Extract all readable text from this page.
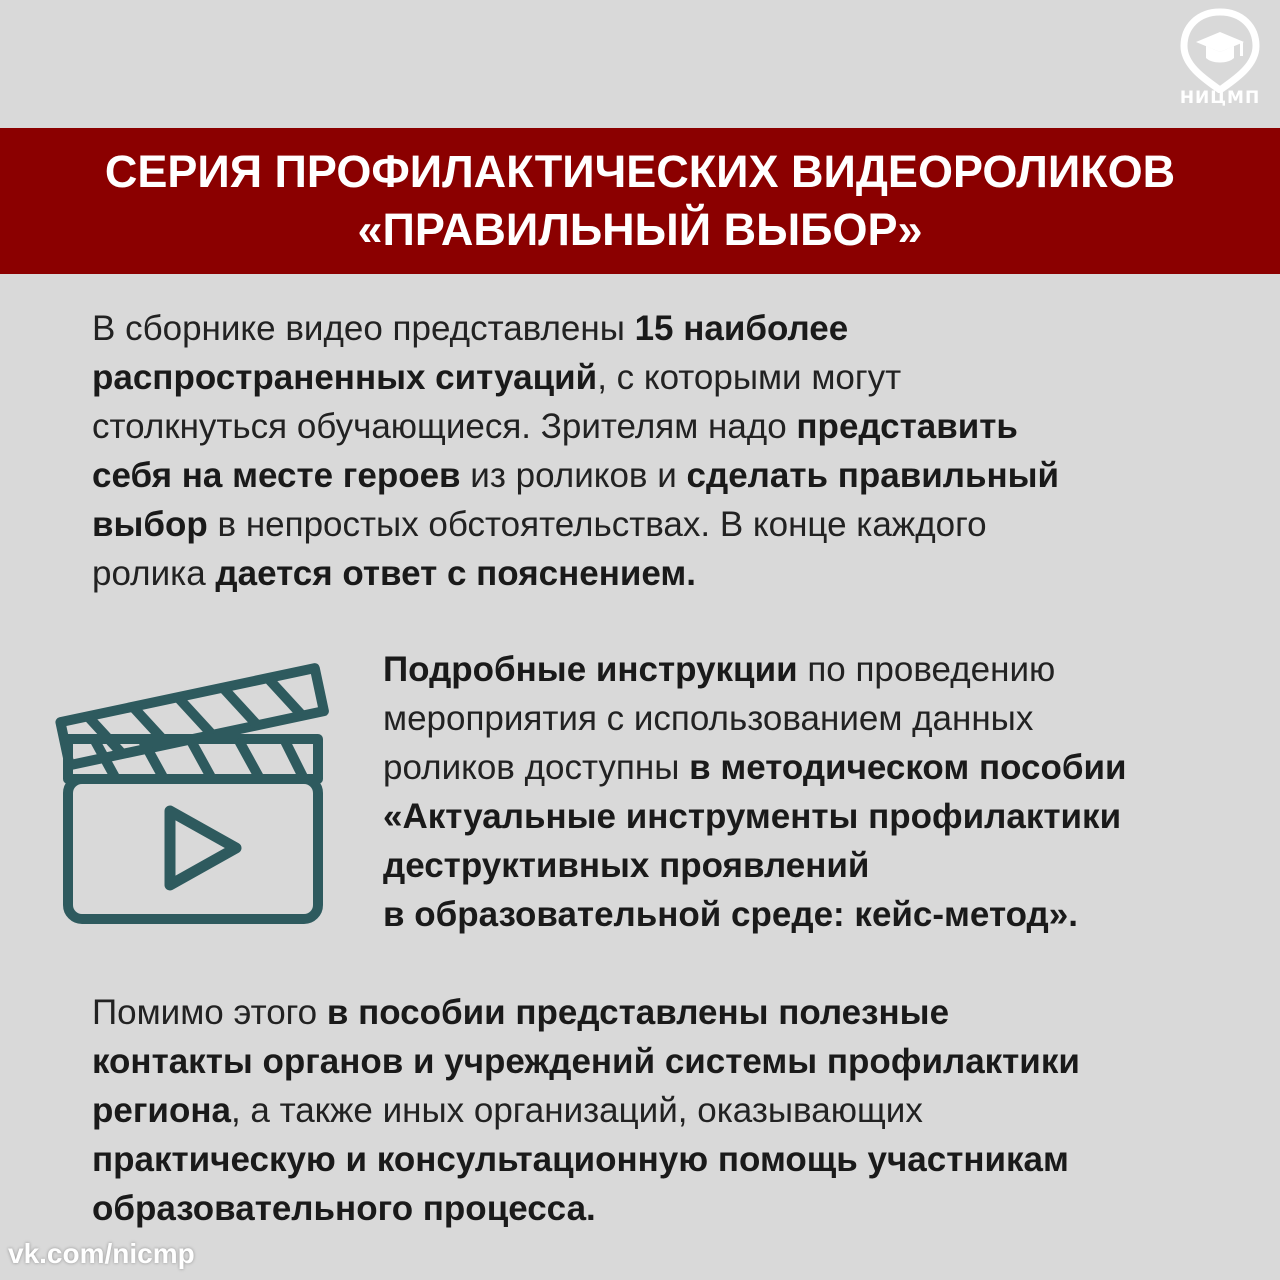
НИЦМП
СЕРИЯ ПРОФИЛАКТИЧЕСКИХ ВИДЕОРОЛИКОВ
«ПРАВИЛЬНЫЙ ВЫБОР»
В сборнике видео представлены 15 наиболее
распространенных ситуаций, с которыми могут
столкнуться обучающиеся. Зрителям надо представить
себя на месте героев из роликов и сделать правильный
выбор в непростых обстоятельствах. В конце каждого
ролика дается ответ с пояснением.
Подробные инструкции по проведению
мероприятия с использованием данных
роликов доступны в методическом пособии
«Актуальные инструменты профилактики
деструктивных проявлений
в образовательной среде: кейс-метод».
Помимо этого в пособии представлены полезные
контакты органов и учреждений системы профилактики
региона, а также иных организаций, оказывающих
практическую и консультационную помощь участникам
образовательного процесса.
vk.com/nicmp
